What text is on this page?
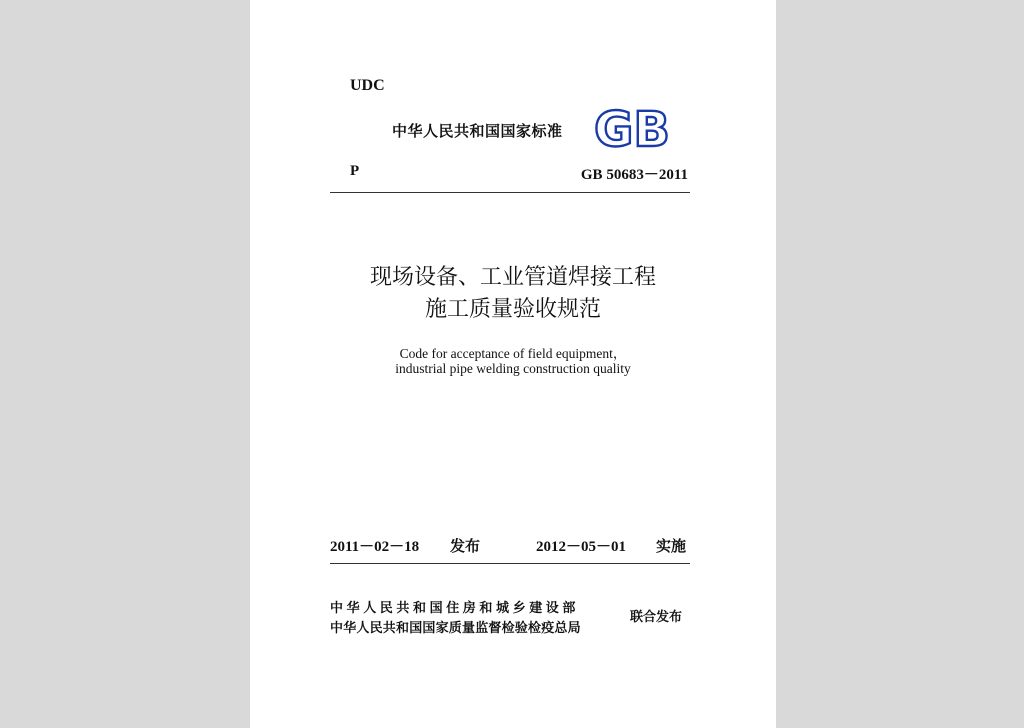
UDC
中华人民共和国国家标准 GB
P	GB 50683－2011
现场设备、工业管道焊接工程
施工质量验收规范
Code for acceptance of field equipment，
industrial pipe welding construction quality
2011－02－18 发布	2012－05－01 实施
中华人民共和国住房和城乡建设部
中华人民共和国国家质量监督检验检疫总局
联合发布
